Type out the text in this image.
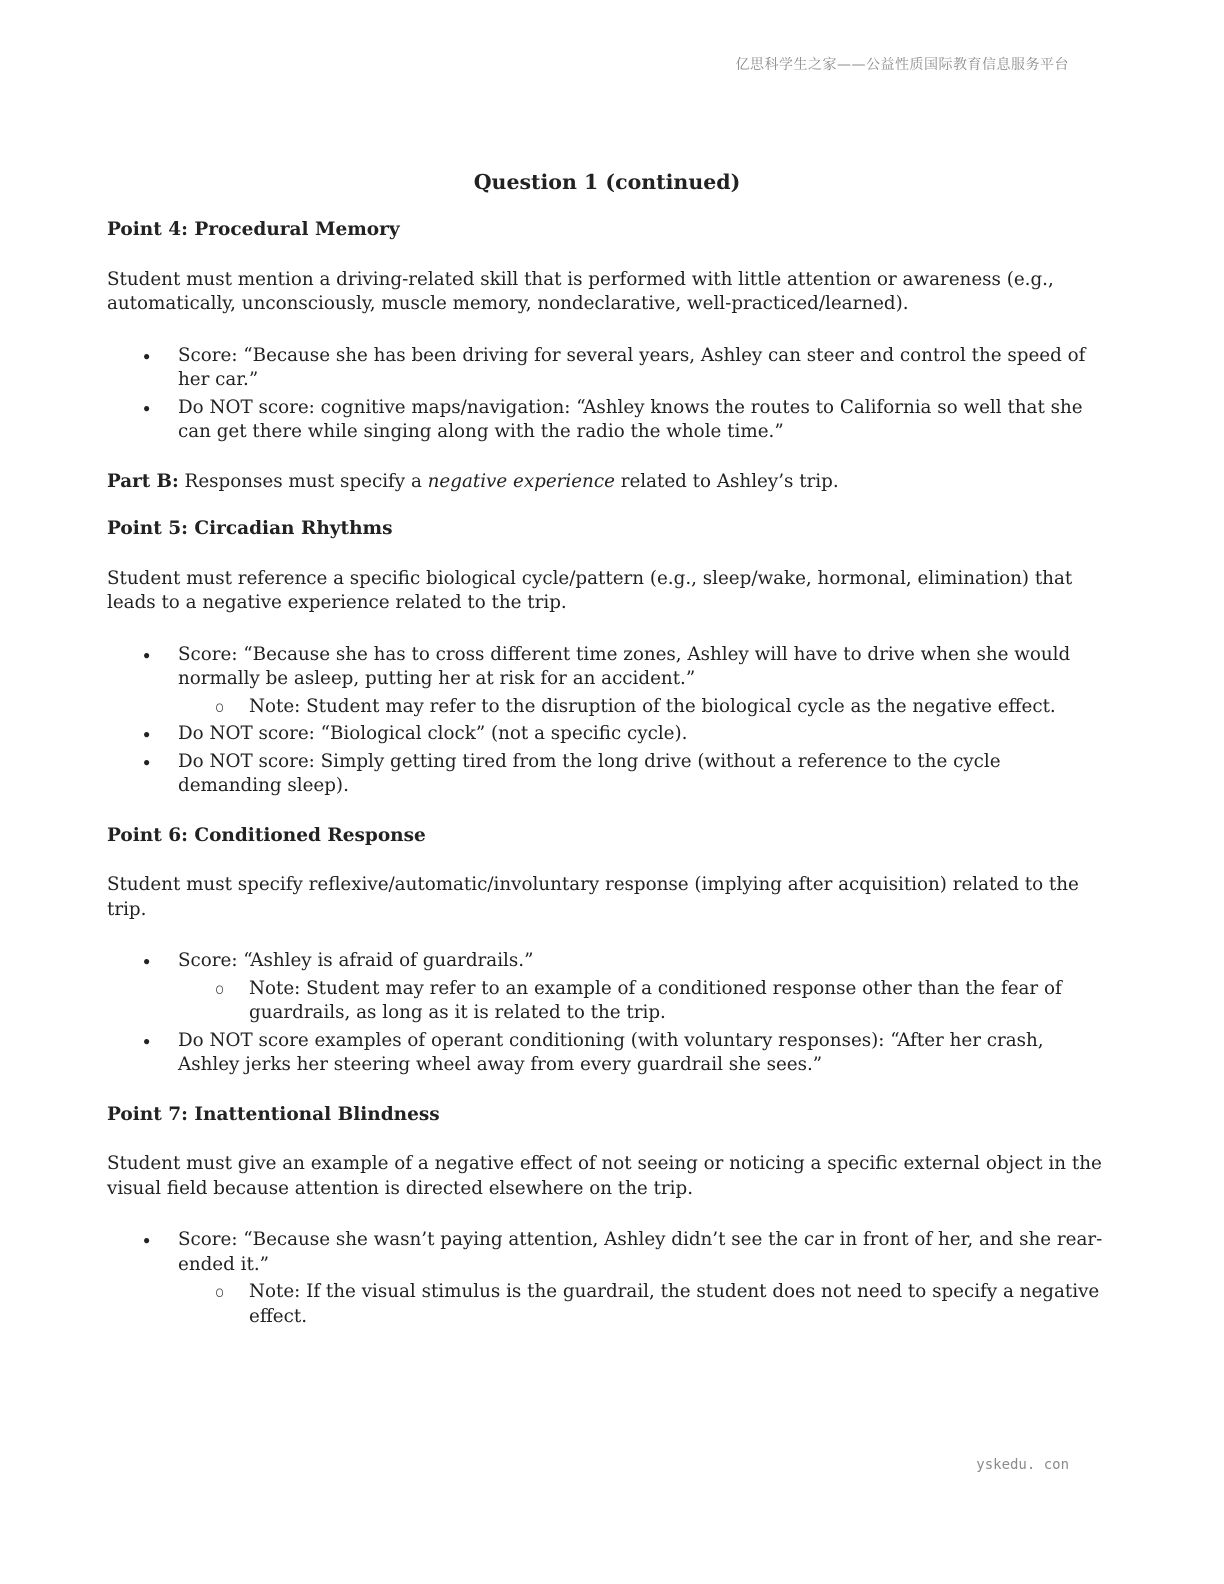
亿思科学生之家——公益性质国际教育信息服务平台
Question 1 (continued)
Point 4: Procedural Memory
Student must mention a driving-related skill that is performed with little attention or awareness (e.g., automatically, unconsciously, muscle memory, nondeclarative, well-practiced/learned).
● Score: “Because she has been driving for several years, Ashley can steer and control the speed of her car.”
● Do NOT score: cognitive maps/navigation: “Ashley knows the routes to California so well that she can get there while singing along with the radio the whole time.”
Part B: Responses must specify a negative experience related to Ashley’s trip.
Point 5: Circadian Rhythms
Student must reference a specific biological cycle/pattern (e.g., sleep/wake, hormonal, elimination) that leads to a negative experience related to the trip.
● Score: “Because she has to cross different time zones, Ashley will have to drive when she would normally be asleep, putting her at risk for an accident.”
o Note: Student may refer to the disruption of the biological cycle as the negative effect.
● Do NOT score: “Biological clock” (not a specific cycle).
● Do NOT score: Simply getting tired from the long drive (without a reference to the cycle demanding sleep).
Point 6: Conditioned Response
Student must specify reflexive/automatic/involuntary response (implying after acquisition) related to the trip.
● Score: “Ashley is afraid of guardrails.”
o Note: Student may refer to an example of a conditioned response other than the fear of guardrails, as long as it is related to the trip.
● Do NOT score examples of operant conditioning (with voluntary responses): “After her crash, Ashley jerks her steering wheel away from every guardrail she sees.”
Point 7: Inattentional Blindness
Student must give an example of a negative effect of not seeing or noticing a specific external object in the visual field because attention is directed elsewhere on the trip.
● Score: “Because she wasn’t paying attention, Ashley didn’t see the car in front of her, and she rear-ended it.”
o Note: If the visual stimulus is the guardrail, the student does not need to specify a negative effect.
yskedu. con
